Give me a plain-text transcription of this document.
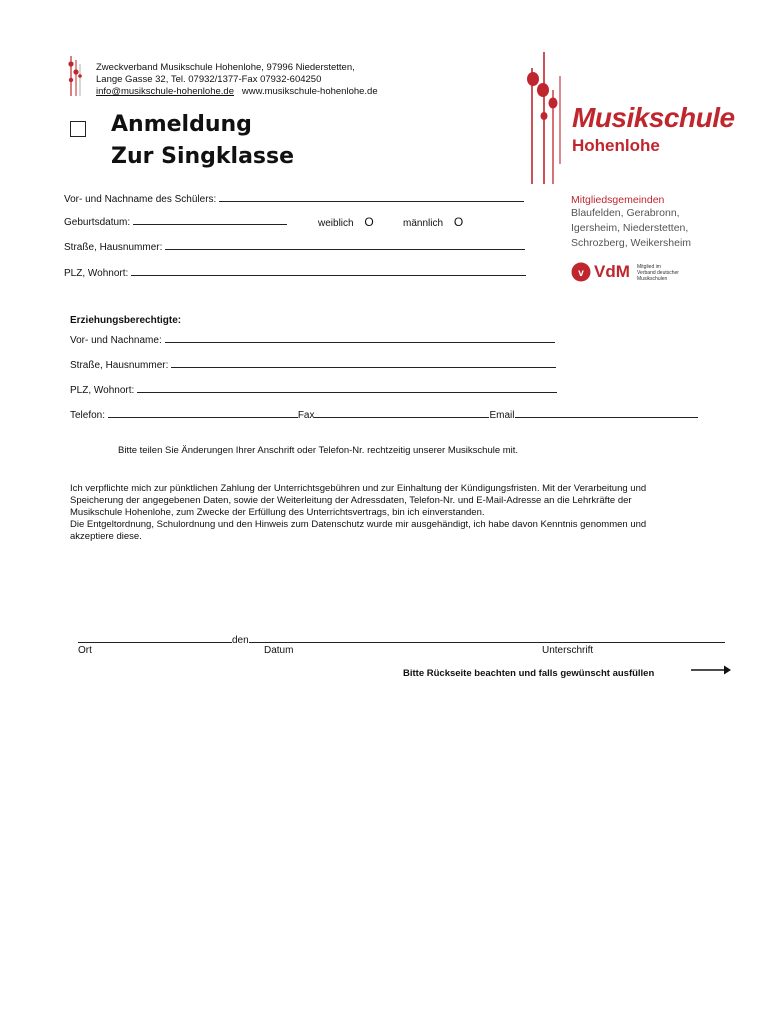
Zweckverband Musikschule Hohenlohe, 97996 Niederstetten,
Lange Gasse 32, Tel. 07932/1377-Fax 07932-604250
info@musikschule-hohenlohe.de www.musikschule-hohenlohe.de
Anmeldung
Zur Singklasse
Musikschule
Hohenlohe
Mitgliedsgemeinden
Blaufelden, Gerabronn,
Igersheim, Niederstetten,
Schrozberg, Weikersheim
v VdM Mitglied im
Verband deutscher
Musikschulen
Vor- und Nachname des Schülers:
Geburtsdatum:	weiblich O	männlich O
Straße, Hausnummer:
PLZ, Wohnort:
Erziehungsberechtigte:
Vor- und Nachname:
Straße, Hausnummer:
PLZ, Wohnort:
Telefon:	Fax	Email
Bitte teilen Sie Änderungen Ihrer Anschrift oder Telefon-Nr. rechtzeitig unserer Musikschule mit.
Ich verpflichte mich zur pünktlichen Zahlung der Unterrichtsgebühren und zur Einhaltung der Kündigungsfristen. Mit der Verarbeitung und
Speicherung der angegebenen Daten, sowie der Weiterleitung der Adressdaten, Telefon-Nr. und E-Mail-Adresse an die Lehrkräfte der
Musikschule Hohenlohe, zum Zwecke der Erfüllung des Unterrichtsvertrags, bin ich einverstanden.
Die Entgeltordnung, Schulordnung und den Hinweis zum Datenschutz wurde mir ausgehändigt, ich habe davon Kenntnis genommen und
akzeptiere diese.
den
Ort	Datum	Unterschrift
Bitte Rückseite beachten und falls gewünscht ausfüllen
